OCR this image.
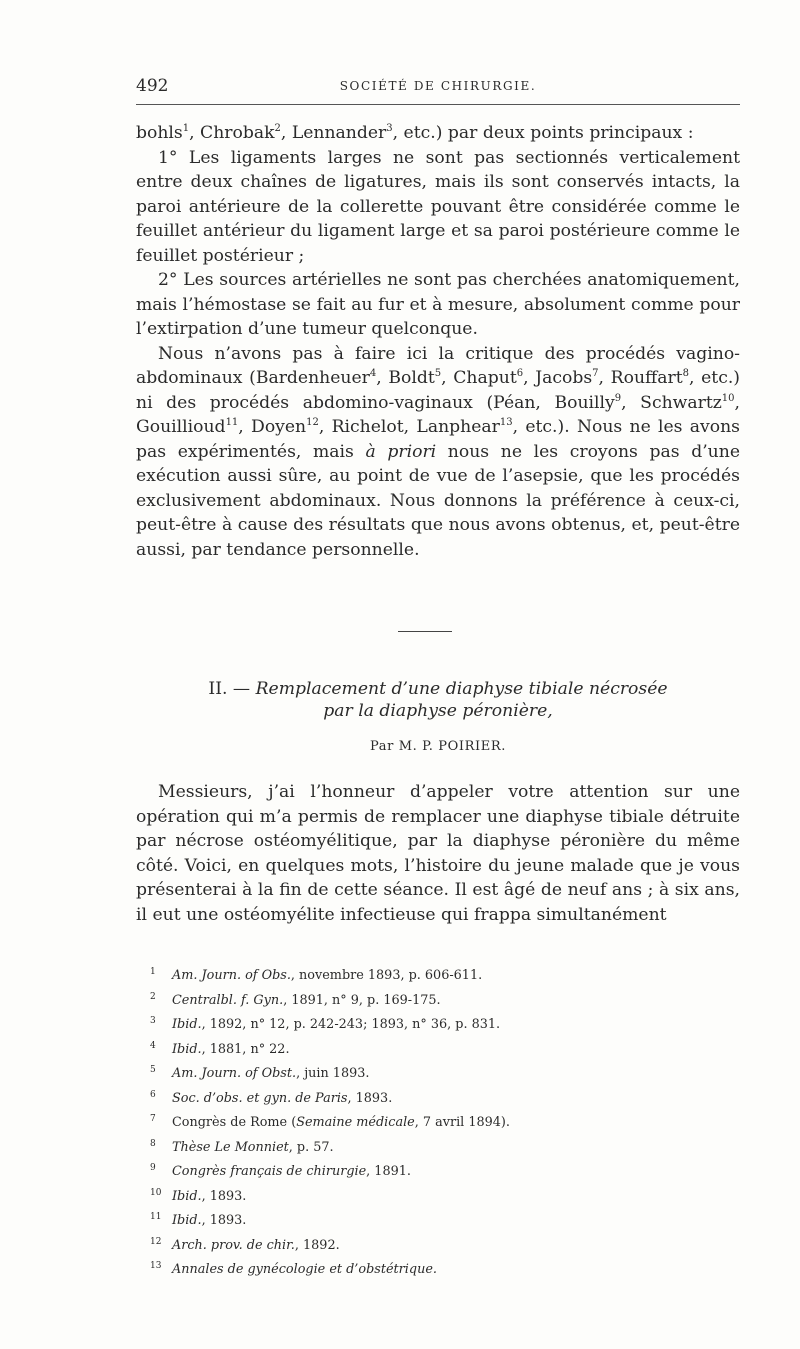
492	SOCIÉTÉ DE CHIRURGIE.

bohls$^1$, Chrobak$^2$, Lennander$^3$, etc.) par deux points principaux :

1° Les ligaments larges ne sont pas sectionnés verticalement entre deux chaînes de ligatures, mais ils sont conservés intacts, la paroi antérieure de la collerette pouvant être considérée comme le feuillet antérieur du ligament large et sa paroi postérieure comme le feuillet postérieur ;

2° Les sources artérielles ne sont pas cherchées anatomiquement, mais l’hémostase se fait au fur et à mesure, absolument comme pour l’extirpation d’une tumeur quelconque.

Nous n’avons pas à faire ici la critique des procédés vagino-abdominaux (Bardenheuer$^4$, Boldt$^5$, Chaput$^6$, Jacobs$^7$, Rouffart$^8$, etc.) ni des procédés abdomino-vaginaux (Péan, Bouilly$^9$, Schwartz$^{10}$, Gouillioud$^{11}$, Doyen$^{12}$, Richelot, Lanphear$^{13}$, etc.). Nous ne les avons pas expérimentés, mais à priori nous ne les croyons pas d’une exécution aussi sûre, au point de vue de l’asepsie, que les procédés exclusivement abdominaux. Nous donnons la préférence à ceux-ci, peut-être à cause des résultats que nous avons obtenus, et, peut-être aussi, par tendance personnelle.

II. — Remplacement d’une diaphyse tibiale nécrosée
par la diaphyse péronière,
Par M. P. POIRIER.

Messieurs, j’ai l’honneur d’appeler votre attention sur une opération qui m’a permis de remplacer une diaphyse tibiale détruite par nécrose ostéomyélitique, par la diaphyse péronière du même côté. Voici, en quelques mots, l’histoire du jeune malade que je vous présenterai à la fin de cette séance. Il est âgé de neuf ans ; à six ans, il eut une ostéomyélite infectieuse qui frappa simultanément

1 Am. Journ. of Obs., novembre 1893, p. 606-611.
2 Centralbl. f. Gyn., 1891, n° 9, p. 169-175.
3 Ibid., 1892, n° 12, p. 242-243; 1893, n° 36, p. 831.
4 Ibid., 1881, n° 22.
5 Am. Journ. of Obst., juin 1893.
6 Soc. d’obs. et gyn. de Paris, 1893.
7 Congrès de Rome (Semaine médicale, 7 avril 1894).
8 Thèse Le Monniet, p. 57.
9 Congrès français de chirurgie, 1891.
10 Ibid., 1893.
11 Ibid., 1893.
12 Arch. prov. de chir., 1892.
13 Annales de gynécologie et d’obstétrique.
